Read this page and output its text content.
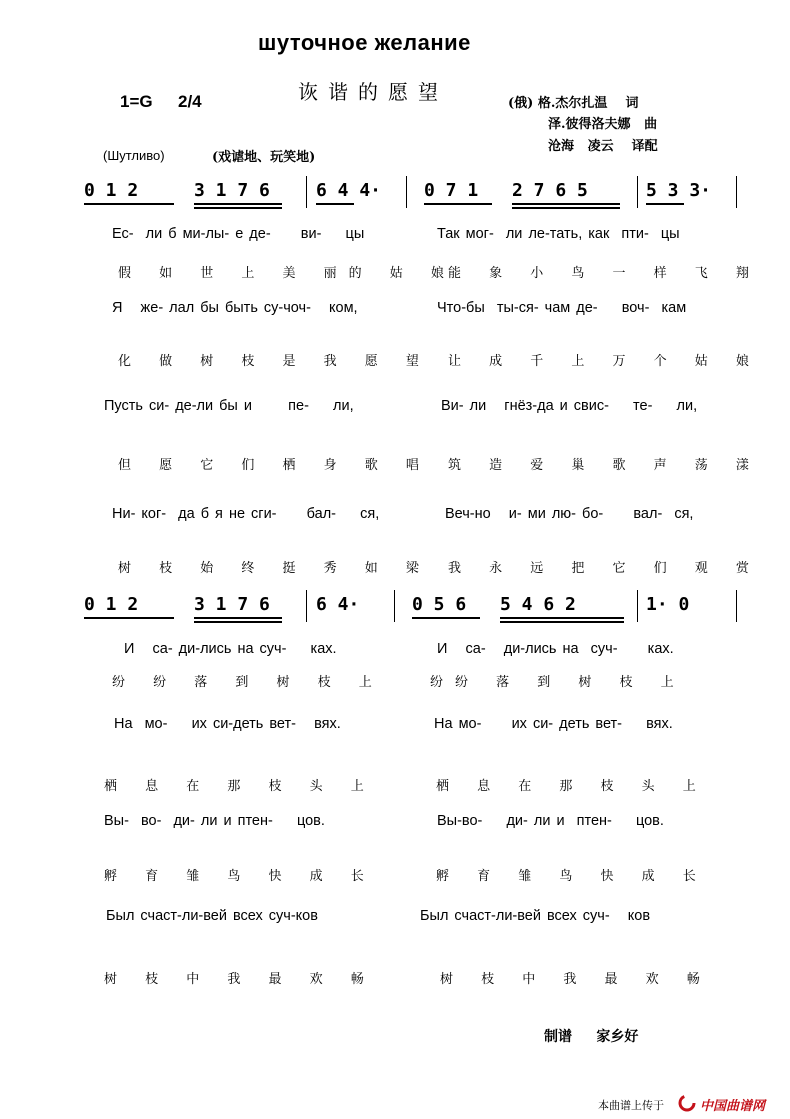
шуточное желание
诙谐的愿望
1=G 2/4	(俄) 格.杰尔扎温    词
泽.彼得洛夫娜   曲
沧海   凌云    译配
(Шутливо)	(戏谑地、玩笑地)
0 1 2	3 1 7 6	6 4 4· 0 7 1 2 7 6 5	5 3 3·
Ес-  ли б ми-лы- е де-     ви-    цы	Так мог-  ли ле-тать, как  пти-  цы
假 如 世 上 美 丽的 姑 娘
能 象 小 鸟 一 样 飞 翔
Я   же- лал бы быть су-чоч-   ком,	Что-бы  ты-ся- чам де-    воч-  кам
化 做 树 枝 是 我 愿 望 让 成 千 上 万 个 姑 娘
Пусть си- де-ли бы и      пе-    ли,	Ви- ли   гнёз-да и свис-    те-    ли,
但 愿 它 们 栖 身 歌 唱 筑 造 爱 巢 歌 声 荡 漾
Ни- ког-  да б я не сги-     бал-    ся,	Веч-но   и- ми лю- бо-     вал-  ся,
树 枝 始 终 挺 秀 如 梁 我 永 远 把 它 们 观 赏
0 1 2	3 1 7 6	6 4·	0 5 6 5 4 6 2	1· 0
И   са- ди-лись на суч-    ках.	И   са-   ди-лись на  суч-     ках.
纷 纷 落 到 树 枝 上	纷纷 落 到 树 枝 上
На  мо-    их си-деть вет-   вях.	На мо-     их си- деть вет-    вях.
栖 息 在 那 枝 头 上	栖 息 在 那 枝 头 上
Вы-  во-  ди- ли и птен-    цов.	Вы-во-    ди- ли и  птен-    цов.
孵 育 雏 鸟 快 成 长	孵 育 雏 鸟 快 成 长
Был счаст-ли-вей всех суч-ков	Был счаст-ли-вей всех суч-   ков
树 枝 中 我 最 欢 畅	树 枝 中 我 最 欢 畅
制谱     家乡好
本曲谱上传于	中国曲谱网
